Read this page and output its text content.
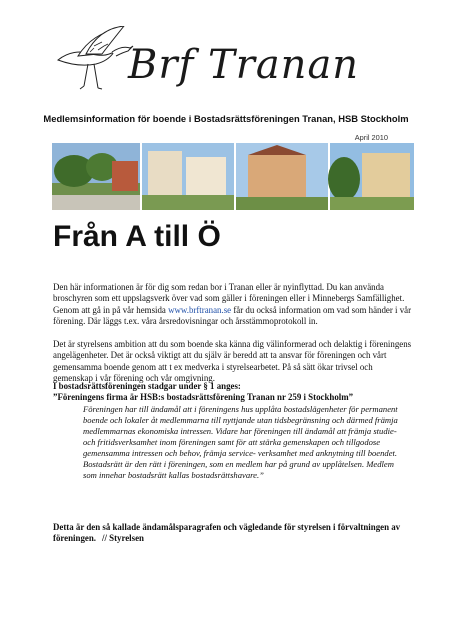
Brf Tranan
Medlemsinformation för boende i Bostadsrättsföreningen Tranan, HSB Stockholm
April 2010
Från A till Ö
Den här informationen är för dig som redan bor i Tranan eller är nyinflyttad. Du kan använda broschyren som ett uppslagsverk över vad som gäller i föreningen eller i Minnebergs Samfällighet. Genom att gå in på vår hemsida www.brftranan.se får du också information om vad som händer i vår förening. Där läggs t.ex. våra årsredovisningar och årsstämmoprotokoll in.
Det är styrelsens ambition att du som boende ska känna dig välinformerad och delaktig i föreningens angelägenheter. Det är också viktigt att du själv är beredd att ta ansvar för föreningen och vårt gemensamma boende genom att t ex medverka i styrelsearbetet. På så sätt ökar trivsel och gemenskap i vår förening och vår omgivning.
I bostadsrättsföreningen stadgar under § 1 anges:
”Föreningens firma är HSB:s bostadsrättsförening Tranan nr 259 i Stockholm”
Föreningen har till ändamål att i föreningens hus upplåta bostadslägenheter för permanent boende och lokaler åt medlemmarna till nyttjande utan tidsbegränsning och därmed främja medlemmarnas ekonomiska intressen. Vidare har föreningen till ändamål att främja studie- och fritidsverksamhet inom föreningen samt för att stärka gemenskapen och tillgodose gemensamma intressen och behov, främja service- verksamhet med anknytning till boendet. Bostadsrätt är den rätt i föreningen, som en medlem har på grund av upplåtelsen. Medlem som innehar bostadsrätt kallas bostadsrättshavare.”
Detta är den så kallade ändamålsparagrafen och vägledande för styrelsen i förvaltningen av föreningen. // Styrelsen
